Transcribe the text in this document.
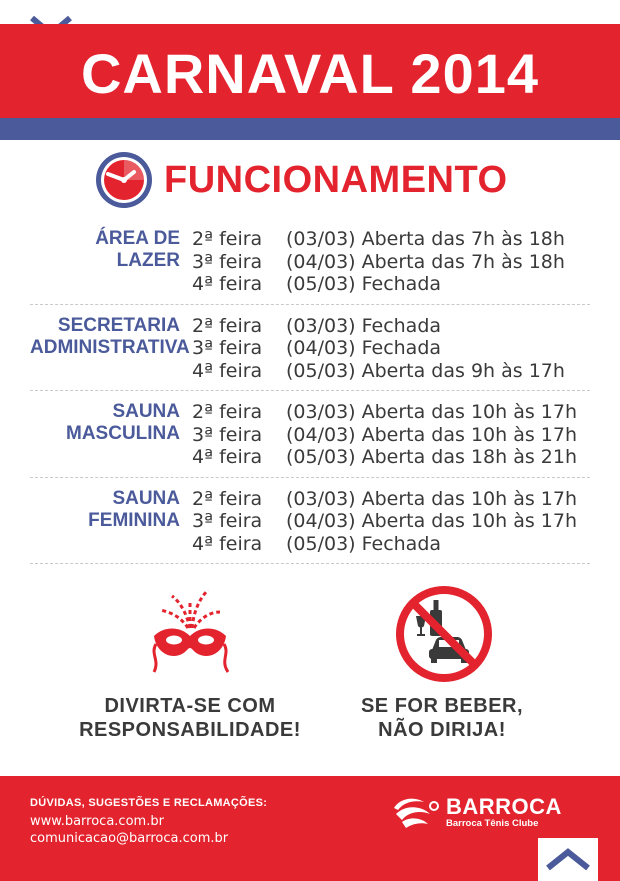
CARNAVAL 2014
FUNCIONAMENTO
ÁREA DE
LAZER
2ª feira	(03/03) Aberta das 7h às 18h
3ª feira	(04/03) Aberta das 7h às 18h
4ª feira	(05/03) Fechada
SECRETARIA
ADMINISTRATIVA
2ª feira	(03/03) Fechada
3ª feira	(04/03) Fechada
4ª feira	(05/03) Aberta das 9h às 17h
SAUNA
MASCULINA
2ª feira	(03/03) Aberta das 10h às 17h
3ª feira	(04/03) Aberta das 10h às 17h
4ª feira	(05/03) Aberta das 18h às 21h
SAUNA
FEMININA
2ª feira	(03/03) Aberta das 10h às 17h
3ª feira	(04/03) Aberta das 10h às 17h
4ª feira	(05/03) Fechada
DIVIRTA-SE COM
RESPONSABILIDADE!
SE FOR BEBER,
NÃO DIRIJA!
DÚVIDAS, SUGESTÕES E RECLAMAÇÕES:
www.barroca.com.br
comunicacao@barroca.com.br
BARROCA
Barroca Tênis Clube
